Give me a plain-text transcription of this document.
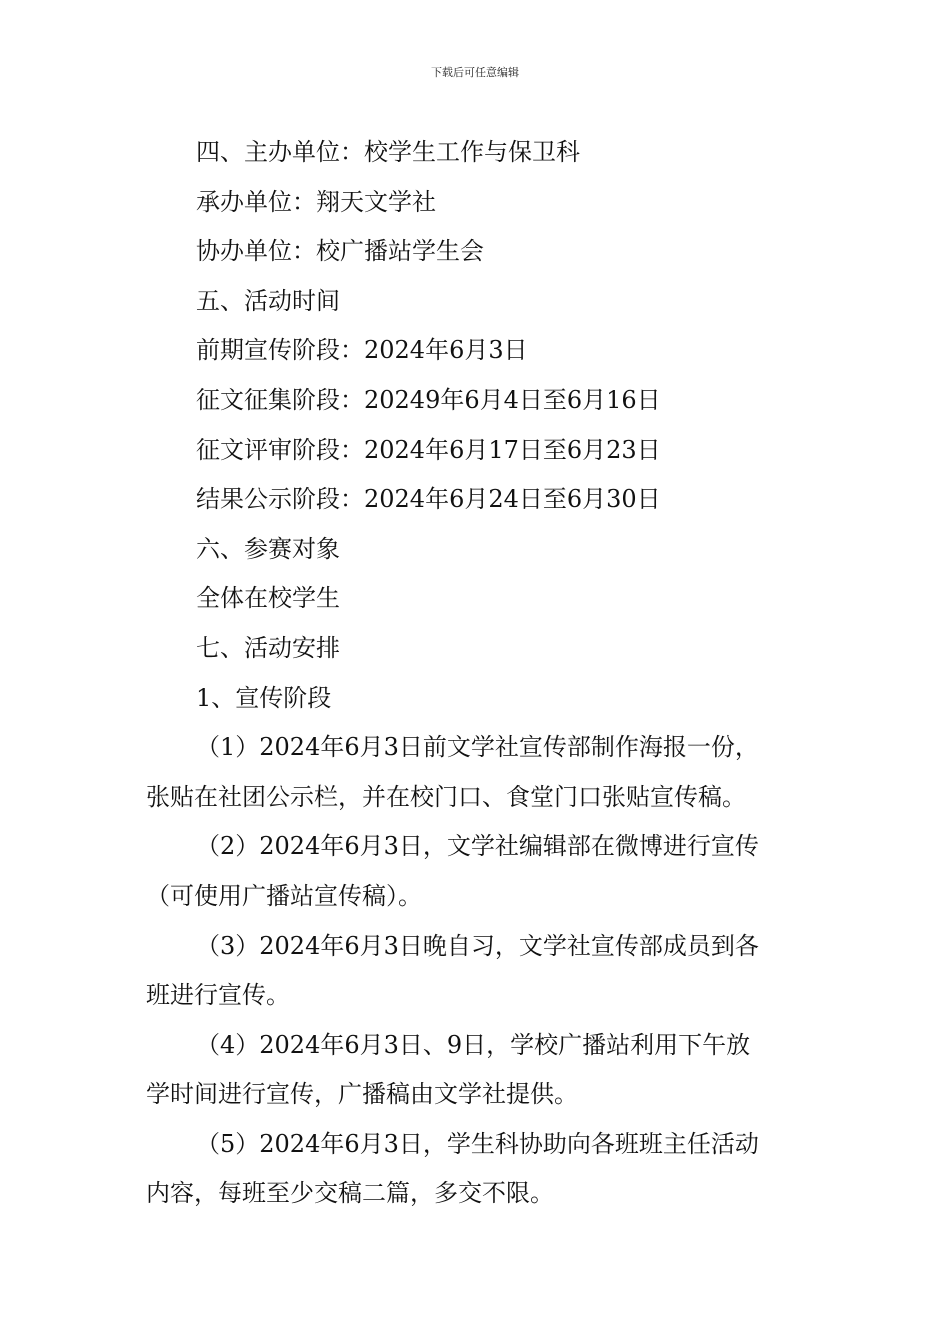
下载后可任意编辑
四、主办单位：校学生工作与保卫科
承办单位：翔天文学社
协办单位：校广播站学生会
五、活动时间
前期宣传阶段：2024年6月3日
征文征集阶段：20249年6月4日至6月16日
征文评审阶段：2024年6月17日至6月23日
结果公示阶段：2024年6月24日至6月30日
六、参赛对象
全体在校学生
七、活动安排
1、宣传阶段
（1）2024年6月3日前文学社宣传部制作海报一份，
张贴在社团公示栏，并在校门口、食堂门口张贴宣传稿。
（2）2024年6月3日，文学社编辑部在微博进行宣传
（可使用广播站宣传稿）。
（3）2024年6月3日晚自习，文学社宣传部成员到各
班进行宣传。
（4）2024年6月3日、9日，学校广播站利用下午放
学时间进行宣传，广播稿由文学社提供。
（5）2024年6月3日，学生科协助向各班班主任活动
内容，每班至少交稿二篇，多交不限。
